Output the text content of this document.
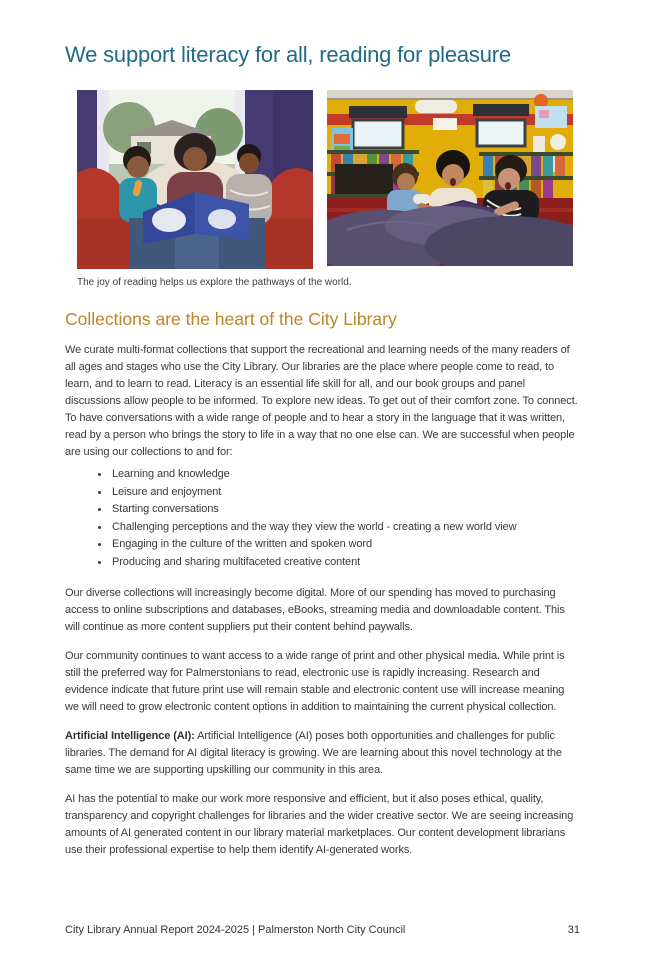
We support literacy for all, reading for pleasure
The joy of reading helps us explore the pathways of the world.
Collections are the heart of the City Library

We curate multi-format collections that support the recreational and learning needs of the many readers of all ages and stages who use the City Library. Our libraries are the place where people come to read, to learn, and to learn to read. Literacy is an essential life skill for all, and our book groups and panel discussions allow people to be informed. To explore new ideas. To get out of their comfort zone. To connect. To have conversations with a wide range of people and to hear a story in the language that it was written, read by a person who brings the story to life in a way that no one else can. We are successful when people are using our collections to and for:

• Learning and knowledge
• Leisure and enjoyment
• Starting conversations
• Challenging perceptions and the way they view the world - creating a new world view
• Engaging in the culture of the written and spoken word
• Producing and sharing multifaceted creative content

Our diverse collections will increasingly become digital. More of our spending has moved to purchasing access to online subscriptions and databases, eBooks, streaming media and downloadable content. This will continue as more content suppliers put their content behind paywalls.

Our community continues to want access to a wide range of print and other physical media. While print is still the preferred way for Palmerstonians to read, electronic use is rapidly increasing. Research and evidence indicate that future print use will remain stable and electronic content use will increase meaning we will need to grow electronic content options in addition to maintaining the current physical collection.

Artificial Intelligence (AI): Artificial Intelligence (AI) poses both opportunities and challenges for public libraries. The demand for AI digital literacy is growing. We are learning about this novel technology at the same time we are supporting upskilling our community in this area.

AI has the potential to make our work more responsive and efficient, but it also poses ethical, quality, transparency and copyright challenges for libraries and the wider creative sector. We are seeing increasing amounts of AI generated content in our library material marketplaces. Our content development librarians use their professional expertise to help them identify AI-generated works.

City Library Annual Report 2024-2025 | Palmerston North City Council	31
